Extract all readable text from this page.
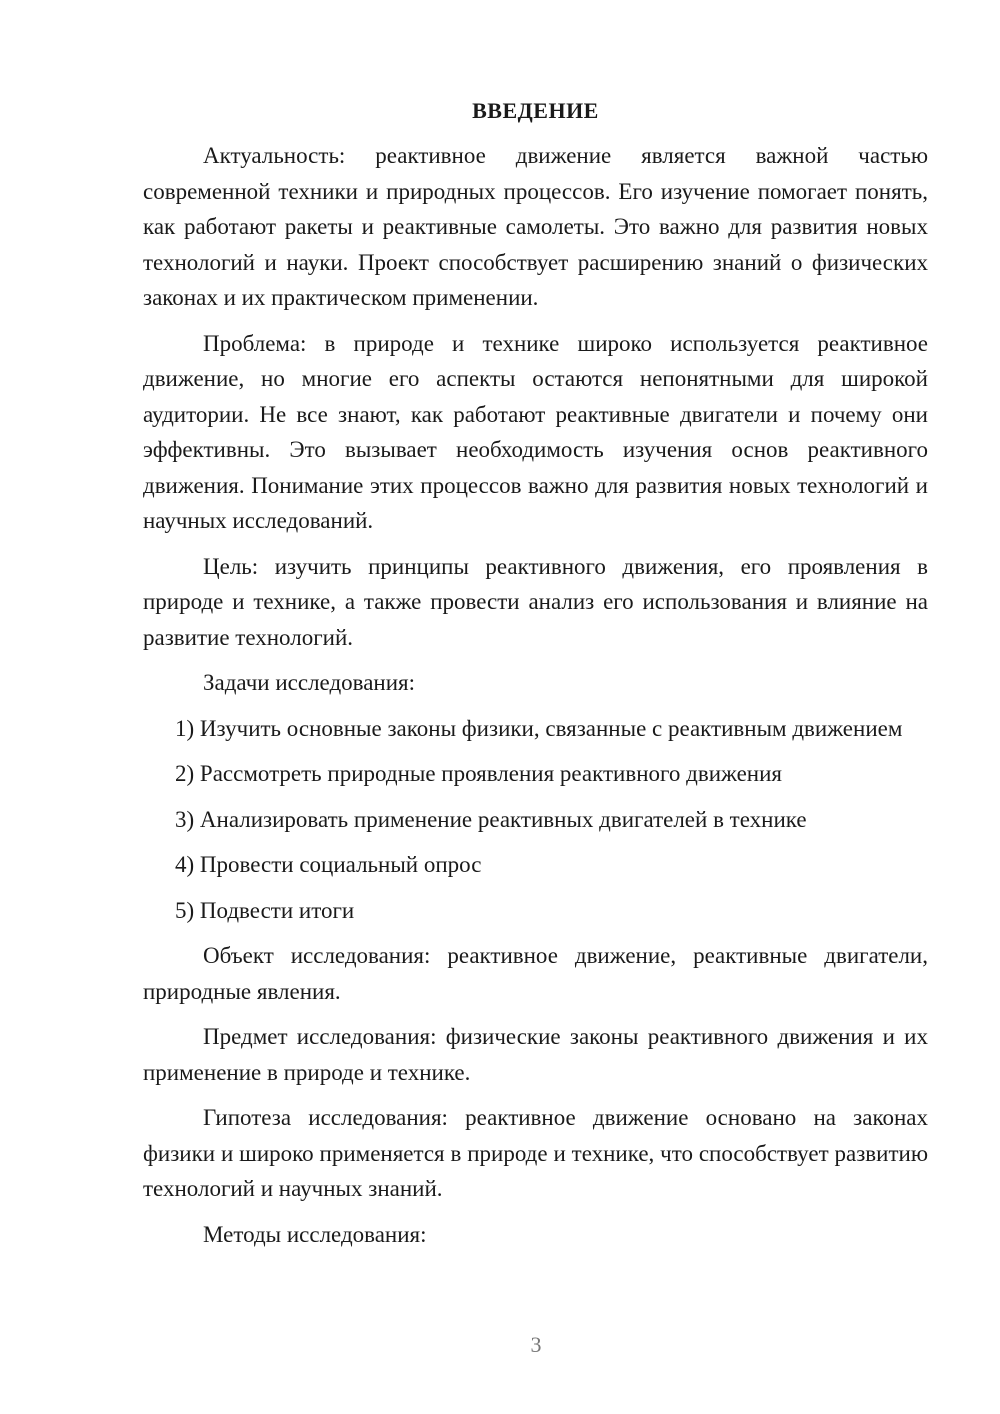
ВВЕДЕНИЕ

Актуальность: реактивное движение является важной частью современной техники и природных процессов. Его изучение помогает понять, как работают ракеты и реактивные самолеты. Это важно для развития новых технологий и науки. Проект способствует расширению знаний о физических законах и их практическом применении.

Проблема: в природе и технике широко используется реактивное движение, но многие его аспекты остаются непонятными для широкой аудитории. Не все знают, как работают реактивные двигатели и почему они эффективны. Это вызывает необходимость изучения основ реактивного движения. Понимание этих процессов важно для развития новых технологий и научных исследований.

Цель: изучить принципы реактивного движения, его проявления в природе и технике, а также провести анализ его использования и влияние на развитие технологий.

Задачи исследования:

1) Изучить основные законы физики, связанные с реактивным движением

2) Рассмотреть природные проявления реактивного движения

3) Анализировать применение реактивных двигателей в технике

4) Провести социальный опрос

5) Подвести итоги

Объект исследования: реактивное движение, реактивные двигатели, природные явления.

Предмет исследования: физические законы реактивного движения и их применение в природе и технике.

Гипотеза исследования: реактивное движение основано на законах физики и широко применяется в природе и технике, что способствует развитию технологий и научных знаний.

Методы исследования:

3
